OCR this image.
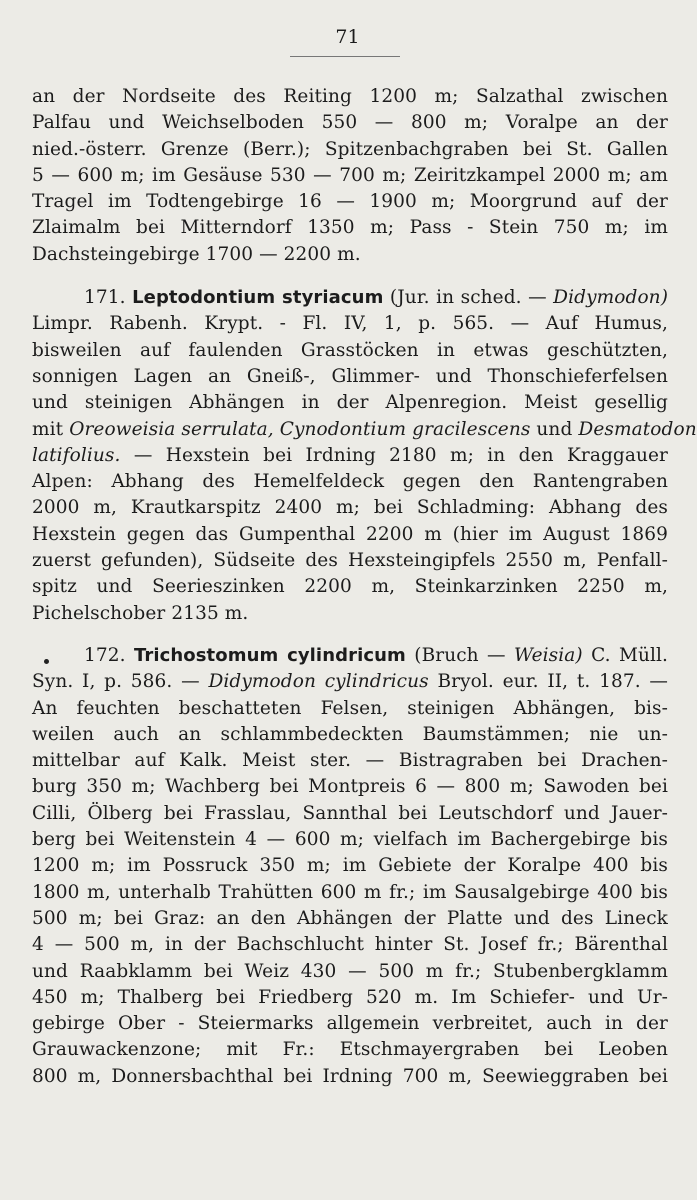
71
an der Nordseite des Reiting 1200 m; Salzathal zwischen
Palfau und Weichselboden 550 — 800 m; Voralpe an der
nied.-österr. Grenze (Berr.); Spitzenbachgraben bei St. Gallen
5 — 600 m; im Gesäuse 530 — 700 m; Zeiritzkampel 2000 m; am
Tragel im Todtengebirge 16 — 1900 m; Moorgrund auf der
Zlaimalm bei Mitterndorf 1350 m; Pass - Stein 750 m; im
Dachsteingebirge 1700 — 2200 m.
171. Leptodontium styriacum (Jur. in sched. — Didymodon)
Limpr. Rabenh. Krypt. - Fl. IV, 1, p. 565. — Auf Humus,
bisweilen auf faulenden Grasstöcken in etwas geschützten,
sonnigen Lagen an Gneiß-, Glimmer- und Thonschieferfelsen
und steinigen Abhängen in der Alpenregion. Meist gesellig
mit Oreoweisia serrulata, Cynodontium gracilescens und Desmatodon
latifolius. — Hexstein bei Irdning 2180 m; in den Kraggauer
Alpen: Abhang des Hemelfeldeck gegen den Rantengraben
2000 m, Krautkarspitz 2400 m; bei Schladming: Abhang des
Hexstein gegen das Gumpenthal 2200 m (hier im August 1869
zuerst gefunden), Südseite des Hexsteingipfels 2550 m, Penfall-
spitz und Seerieszinken 2200 m, Steinkarzinken 2250 m,
Pichelschober 2135 m.
172. Trichostomum cylindricum (Bruch — Weisia) C. Müll.
Syn. I, p. 586. — Didymodon cylindricus Bryol. eur. II, t. 187. —
An feuchten beschatteten Felsen, steinigen Abhängen, bis-
weilen auch an schlammbedeckten Baumstämmen; nie un-
mittelbar auf Kalk. Meist ster. — Bistragraben bei Drachen-
burg 350 m; Wachberg bei Montpreis 6 — 800 m; Sawoden bei
Cilli, Ölberg bei Frasslau, Sannthal bei Leutschdorf und Jauer-
berg bei Weitenstein 4 — 600 m; vielfach im Bachergebirge bis
1200 m; im Possruck 350 m; im Gebiete der Koralpe 400 bis
1800 m, unterhalb Trahütten 600 m fr.; im Sausalgebirge 400 bis
500 m; bei Graz: an den Abhängen der Platte und des Lineck
4 — 500 m, in der Bachschlucht hinter St. Josef fr.; Bärenthal
und Raabklamm bei Weiz 430 — 500 m fr.; Stubenbergklamm
450 m; Thalberg bei Friedberg 520 m. Im Schiefer- und Ur-
gebirge Ober - Steiermarks allgemein verbreitet, auch in der
Grauwackenzone; mit Fr.: Etschmayergraben bei Leoben
800 m, Donnersbachthal bei Irdning 700 m, Seewieggraben bei
